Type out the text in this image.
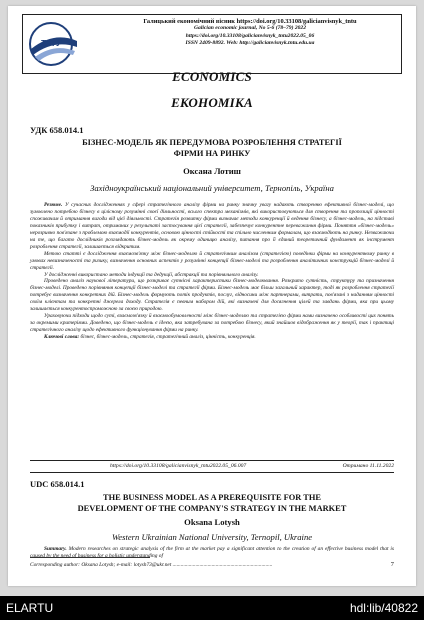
ТНТУ
Галицький економічний вісник https://doi.org/10.33108/galicianvisnyk_tntu
Galician economic journal, No 5-6 (78–79) 2022
https://doi.org/10.33108/galicianvisnyk_tntu2022.05_06
ISSN 2409-8892. Web: http://galicianvisnyk.tntu.edu.ua
ECONOMICS
ЕКОНОМІКА
УДК 658.014.1
БІЗНЕС-МОДЕЛЬ ЯК ПЕРЕДУМОВА РОЗРОБЛЕННЯ СТРАТЕГІЇ
ФІРМИ НА РИНКУ
Оксана Лотиш
Західноукраїнський національний університет, Тернопіль, Україна

Резюме. У сучасних дослідженнях у сфері стратегічного аналізу фірми на ринку значну увагу надають створенню ефективної бізнес-моделі, що зумовлено потребою бізнесу в цілісному розумінні своєї діяльності, всього спектра механізмів, які використовуються для створення та пропозиції цінності споживачам й отримання вигоди від цієї діяльності. Стратегія розвитку фірми визначає методи конкуренції й ведення бізнесу, а бізнес-модель, на підставі показників прибутку і витрат, отриманих у результаті застосування цієї стратегії, забезпечує конкурентне переважання фірми. Поняття «бізнес-модель» нерозривно пов'язане з проблемою взаємодії конкурентів, основою цінності стійкості та спільно численним формалам, що взаємодіють на ринку. Незважаючи на те, що багато дослідників розглядають бізнес-модель як окрему одиницю аналізу, питання про її єдиний теоретичний фундамент як інструмент розроблення стратегії, залишається відкритим.

Метою статті є дослідження взаємозв'язку між бізнес-моделлю й стратегічним аналізом (стратегією) поведінки фірми на конкурентному ринку в умовах невизначеності та ризику, визначення основних аспектів у розумінні концепції бізнес-моделі та розроблення аналітичних конструкцій бізнес-моделі й стратегії.

У дослідженні використано методи індукції та дедукції, абстракції та порівняльного аналізу.

Проведено аналіз наукової літератури, що розкриває сутнісні характеристики бізнес-моделювання. Розкрито сутність, структуру та призначення бізнес-моделі. Проведено порівняння концепції бізнес-моделі та стратегії фірми. Бізнес-модель має більш загальний характер, тоді як розроблення стратегії потребує визначення конкретних дій. Бізнес-модель формують потік продуктів, послуг, відносини між партнерами, витрати, пов'язані з наданням цінності своїм клієнтам та конкретні джерела доходу. Стратегія є певним набором дій, які визначені для досягнення цілей та завдань фірми, яка при цьому залишається конкурентоспроможною за своєю природою.

Ураховуючи підходи щодо суті, взаємозв'язку й взаємообумовленості між бізнес-моделлю та стратегією фірми нами визначено особливості цих понять за окремими критеріями. Доведено, що бізнес-модель є ідеєю, яка затребувана за потребою бізнесу, який знайшов відображення як у теорії, так і практиці стратегічного аналізу щодо ефективного функціонування фірми на ринку.

Ключові слова: бізнес, бізнес-модель, стратегія, стратегічний аналіз, цінність, конкуренція.

https://doi.org/10.33108/galicianvisnyk_tntu2022.05_06.007	Отримано 11.11.2022
UDC 658.014.1
THE BUSINESS MODEL AS A PREREQUISITE FOR THE
DEVELOPMENT OF THE COMPANY'S STRATEGY IN THE MARKET
Oksana Lotysh
Western Ukrainian National University, Ternopil, Ukraine

Summary. Modern researches on strategic analysis of the firm at the market pay a significant attention to the creation of an effective business model that is caused by the need of business for a holistic understanding of

Corresponding author: Oksana Lotysh; e-mail: lotysh73@ukr.net ..........................................................................	7
ELARTU	hdl:lib/40822
